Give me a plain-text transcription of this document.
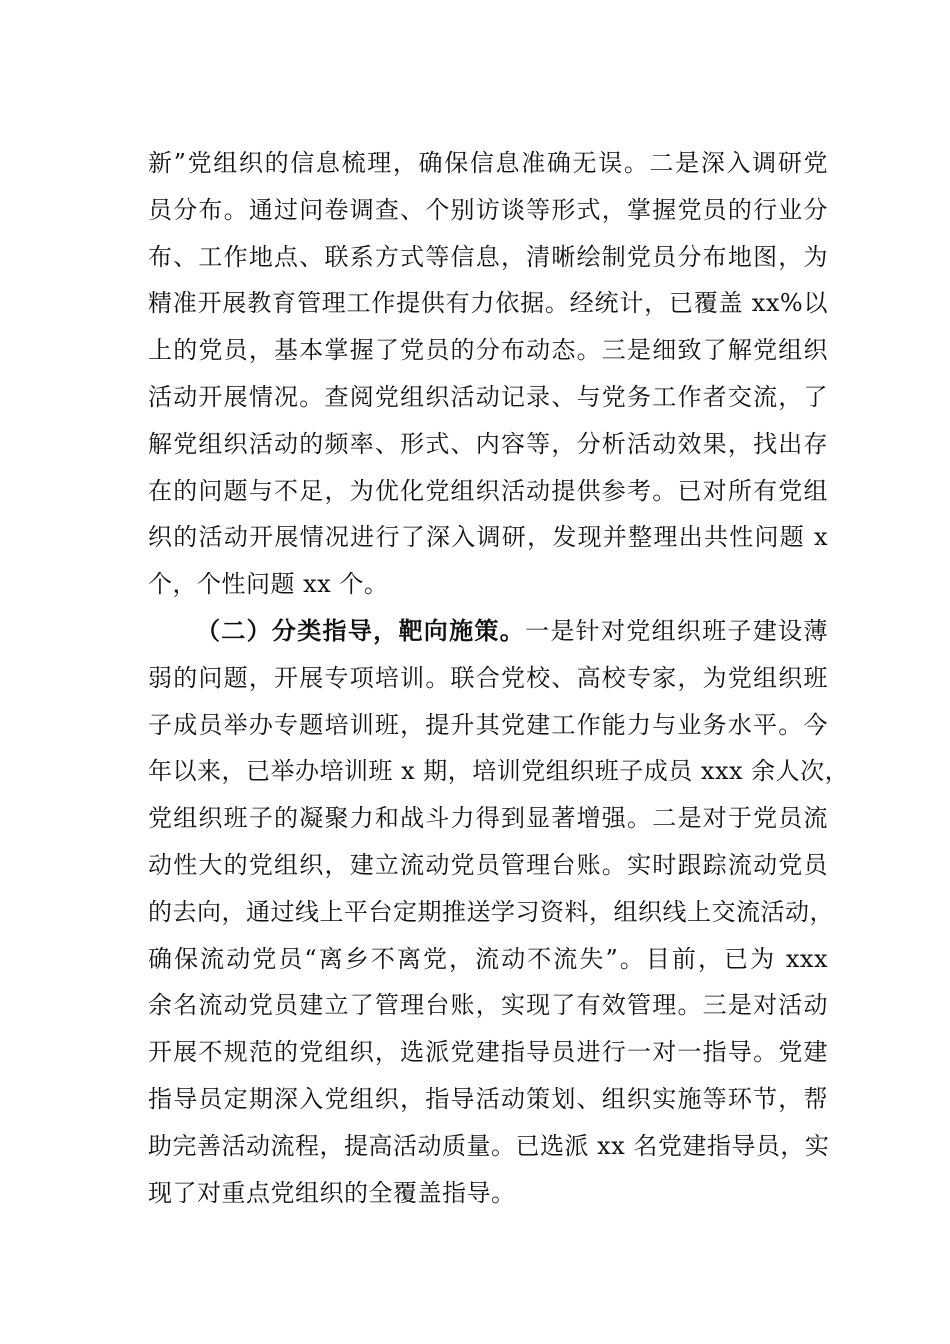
新”党组织的信息梳理，确保信息准确无误。二是深入调研党
员分布。通过问卷调查、个别访谈等形式，掌握党员的行业分
布、工作地点、联系方式等信息，清晰绘制党员分布地图，为
精准开展教育管理工作提供有力依据。经统计，已覆盖 xx%以
上的党员，基本掌握了党员的分布动态。三是细致了解党组织
活动开展情况。查阅党组织活动记录、与党务工作者交流，了
解党组织活动的频率、形式、内容等，分析活动效果，找出存
在的问题与不足，为优化党组织活动提供参考。已对所有党组
织的活动开展情况进行了深入调研，发现并整理出共性问题 x
个，个性问题 xx 个。
（二）分类指导，靶向施策。一是针对党组织班子建设薄
弱的问题，开展专项培训。联合党校、高校专家，为党组织班
子成员举办专题培训班，提升其党建工作能力与业务水平。今
年以来，已举办培训班 x 期，培训党组织班子成员 xxx 余人次，
党组织班子的凝聚力和战斗力得到显著增强。二是对于党员流
动性大的党组织，建立流动党员管理台账。实时跟踪流动党员
的去向，通过线上平台定期推送学习资料，组织线上交流活动，
确保流动党员“离乡不离党，流动不流失”。目前，已为 xxx
余名流动党员建立了管理台账，实现了有效管理。三是对活动
开展不规范的党组织，选派党建指导员进行一对一指导。党建
指导员定期深入党组织，指导活动策划、组织实施等环节，帮
助完善活动流程，提高活动质量。已选派 xx 名党建指导员，实
现了对重点党组织的全覆盖指导。
